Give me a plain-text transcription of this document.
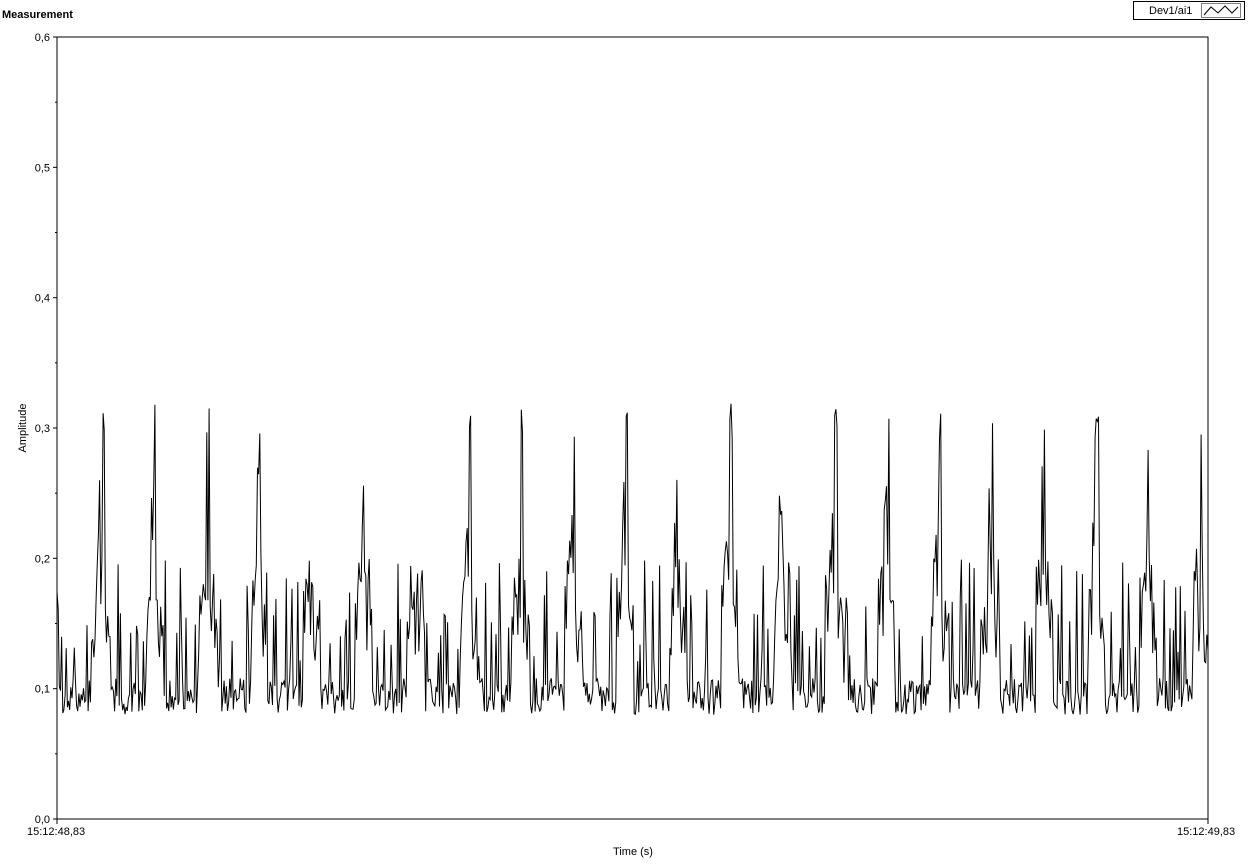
Measurement	Dev1/ai1
0,0
0,1
0,2
0,3
0,4
0,5
0,6
15:12:48,83	15:12:49,83
Amplitude
Time (s)
